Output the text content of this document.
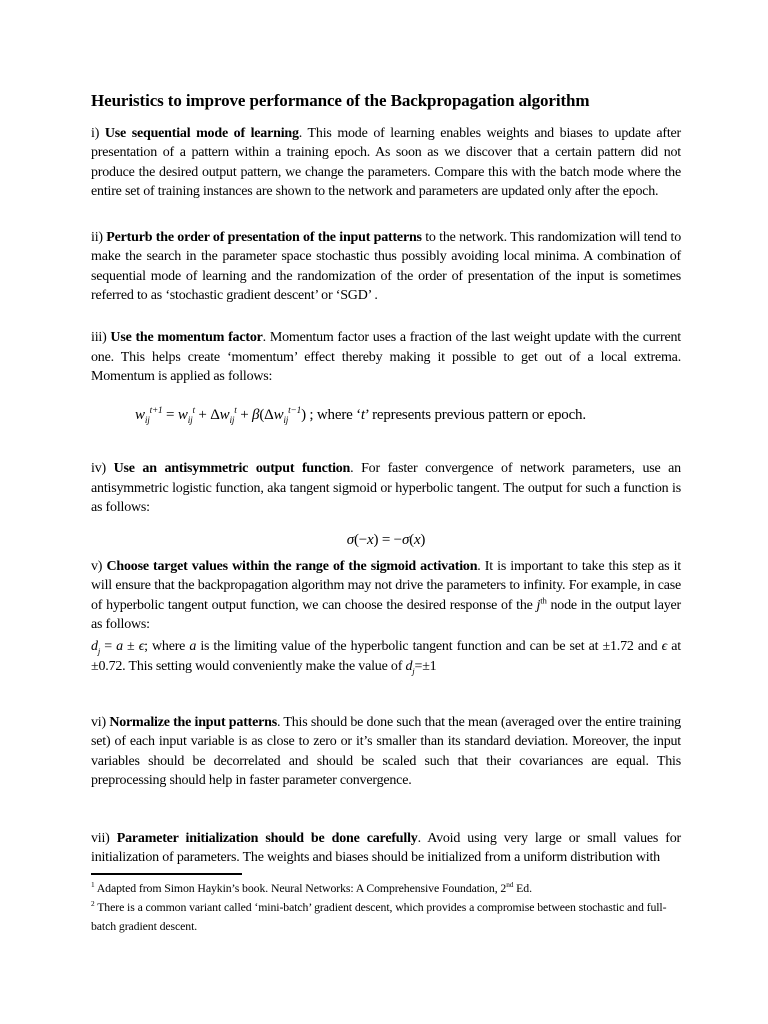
Heuristics to improve performance of the Backpropagation algorithm

i) Use sequential mode of learning. This mode of learning enables weights and biases to update after presentation of a pattern within a training epoch. As soon as we discover that a certain pattern did not produce the desired output pattern, we change the parameters. Compare this with the batch mode where the entire set of training instances are shown to the network and parameters are updated only after the epoch.

ii) Perturb the order of presentation of the input patterns to the network. This randomization will tend to make the search in the parameter space stochastic thus possibly avoiding local minima. A combination of sequential mode of learning and the randomization of the order of presentation of the input is sometimes referred to as ‘stochastic gradient descent’ or ‘SGD’ .

iii) Use the momentum factor. Momentum factor uses a fraction of the last weight update with the current one. This helps create ‘momentum’ effect thereby making it possible to get out of a local extrema. Momentum is applied as follows:

$w_{ij}^{t+1} = w_{ij}^t + \Delta w_{ij}^t + \beta(\Delta w_{ij}^{t-1})$ ; where ‘t’ represents previous pattern or epoch.

iv) Use an antisymmetric output function. For faster convergence of network parameters, use an antisymmetric logistic function, aka tangent sigmoid or hyperbolic tangent. The output for such a function is as follows:

σ(−x) = −σ(x)

v) Choose target values within the range of the sigmoid activation. It is important to take this step as it will ensure that the backpropagation algorithm may not drive the parameters to infinity. For example, in case of hyperbolic tangent output function, we can choose the desired response of the $j^{th}$ node in the output layer as follows:

$d_j = a \pm \epsilon$; where a is the limiting value of the hyperbolic tangent function and can be set at ±1.72 and ϵ at ±0.72. This setting would conveniently make the value of $d_j=\pm 1$

vi) Normalize the input patterns. This should be done such that the mean (averaged over the entire training set) of each input variable is as close to zero or it’s smaller than its standard deviation. Moreover, the input variables should be decorrelated and should be scaled such that their covariances are equal. This preprocessing should help in faster parameter convergence.

vii) Parameter initialization should be done carefully. Avoid using very large or small values for initialization of parameters. The weights and biases should be initialized from a uniform distribution with

$^1$ Adapted from Simon Haykin’s book. Neural Networks: A Comprehensive Foundation, 2nd Ed.

$^2$ There is a common variant called ‘mini-batch’ gradient descent, which provides a compromise between stochastic and full-batch gradient descent.
